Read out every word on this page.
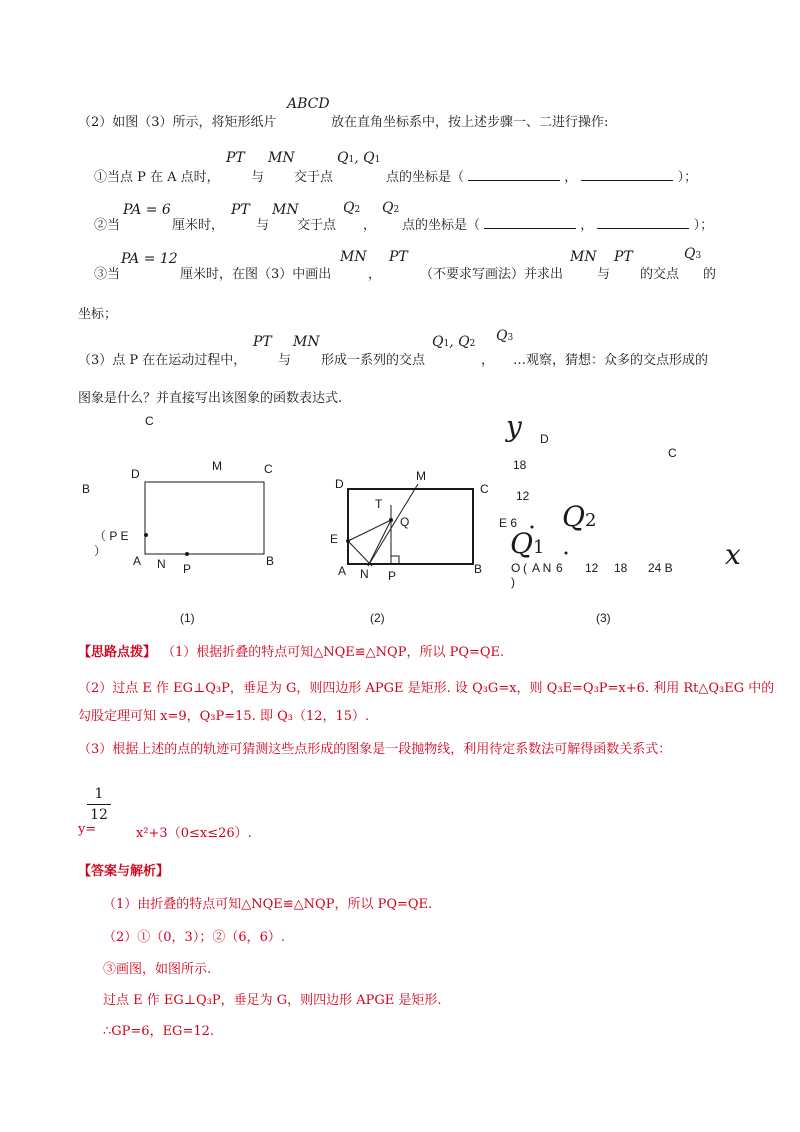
（2）如图（3）所示，将矩形纸片
ABCD
放在直角坐标系中，按上述步骤一、二进行操作:
①当点 P 在 A 点时，
PT
与
MN
交于点
Q1, Q1
点的坐标是（	，	）；
②当
PA = 6
厘米时，
PT
与
MN
交于点
Q2
，
Q2
点的坐标是（	，	）；
③当
PA = 12
厘米时，在图（3）中画出
MN
，
PT
（不要求写画法）并求出
MN
与
PT
的交点
Q3
的
坐标；
（3）点 P 在在运动过程中，
PT
与
MN
形成一系列的交点
Q1, Q2
，
Q3
…观察，猜想：众多的交点形成的
图象是什么？并直接写出该图象的函数表达式.
C
B
D
M	C
（ P E
）
A N P
B
(1)
D
M
C
T
Q
E
A N P	B
(2)
y D
C
18
12
E 6 Q2
Q1
O (
)
A N 6 12 18 24 B x
(3)
【思路点拨】 （1）根据折叠的特点可知△NQE≌△NQP，所以 PQ=QE.
（2）过点 E 作 EG⊥Q₃P，垂足为 G，则四边形 APGE 是矩形. 设 Q₃G=x，则 Q₃E=Q₃P=x+6. 利用 Rt△Q₃EG 中的
勾股定理可知 x=9，Q₃P=15. 即 Q₃（12，15）.
（3）根据上述的点的轨迹可猜测这些点形成的图象是一段抛物线，利用待定系数法可解得函数关系式：
1
12
y=	x²+3（0≤x≤26）.
【答案与解析】
（1）由折叠的特点可知△NQE≌△NQP，所以 PQ=QE.
（2）①（0，3）；②（6，6）.
③画图，如图所示.
过点 E 作 EG⊥Q₃P，垂足为 G，则四边形 APGE 是矩形.
∴GP=6，EG=12.
